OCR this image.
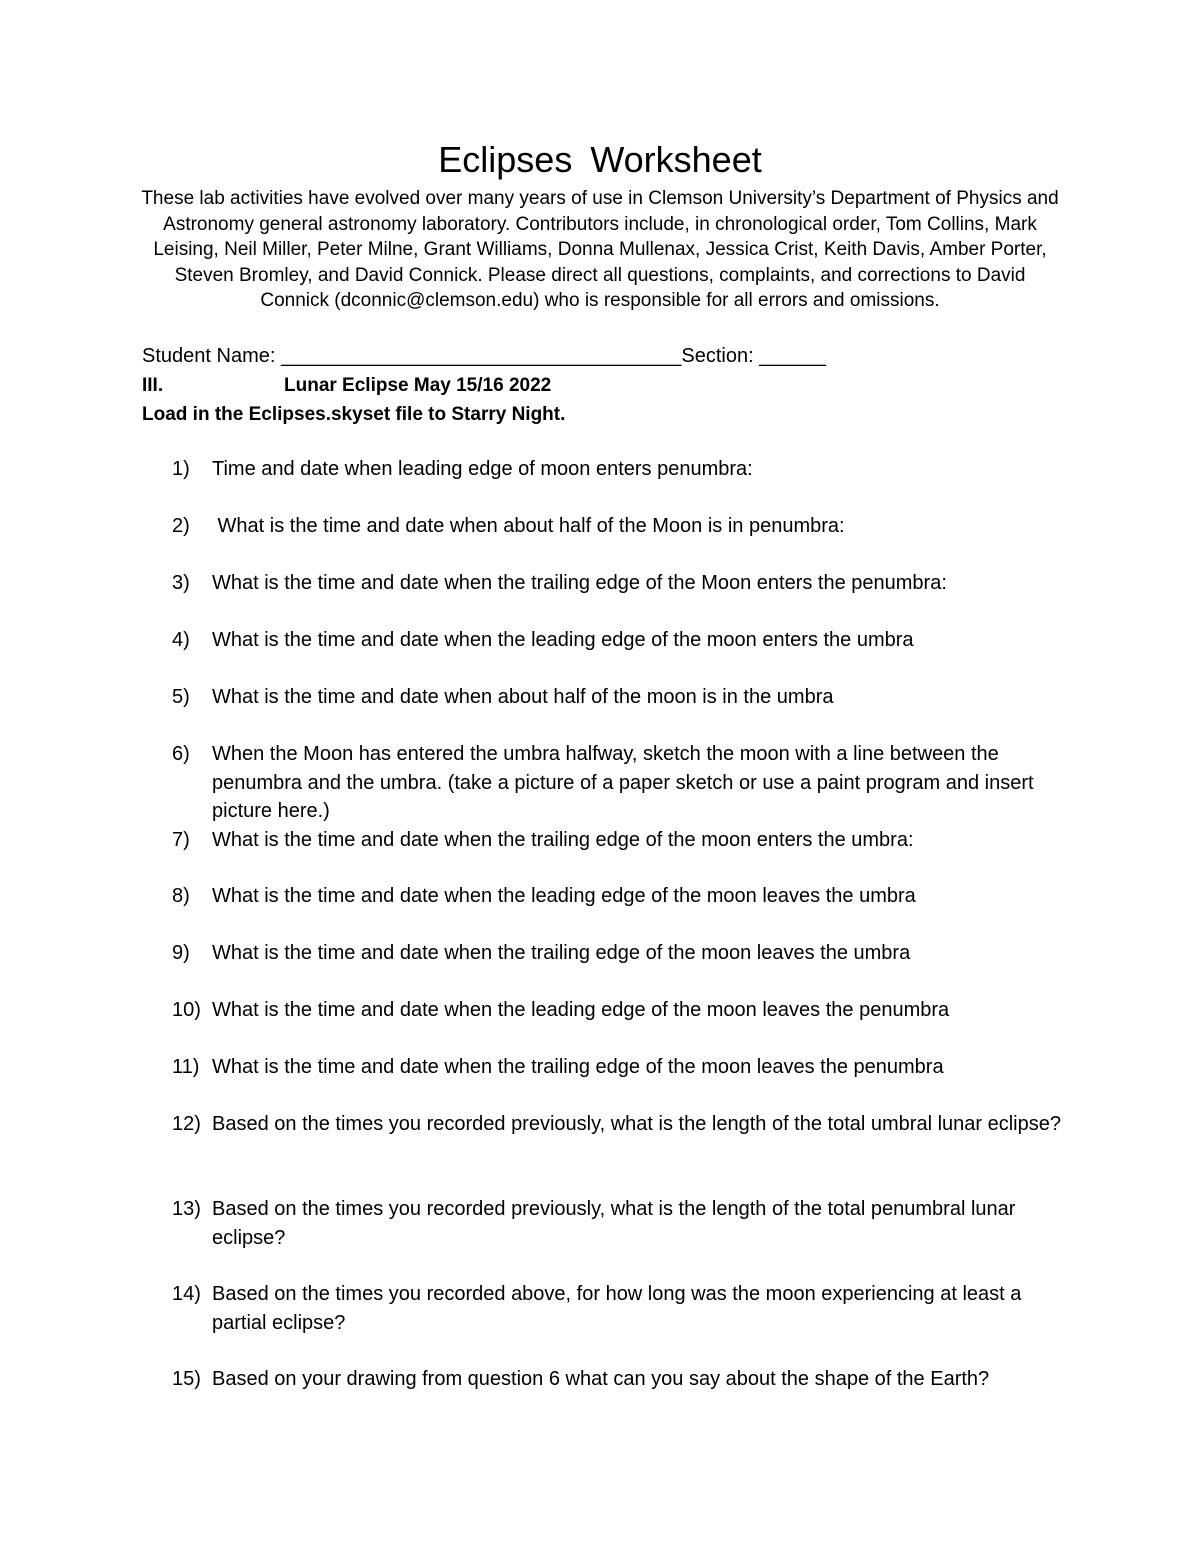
Eclipses Worksheet
These lab activities have evolved over many years of use in Clemson University’s Department of Physics and Astronomy general astronomy laboratory. Contributors include, in chronological order, Tom Collins, Mark Leising, Neil Miller, Peter Milne, Grant Williams, Donna Mullenax, Jessica Crist, Keith Davis, Amber Porter, Steven Bromley, and David Connick. Please direct all questions, complaints, and corrections to David Connick (dconnic@clemson.edu) who is responsible for all errors and omissions.
Student Name: ____________________________________Section: ______
III.	Lunar Eclipse May 15/16 2022
Load in the Eclipses.skyset file to Starry Night.
1)	Time and date when leading edge of moon enters penumbra:
2)	What is the time and date when about half of the Moon is in penumbra:
3)	What is the time and date when the trailing edge of the Moon enters the penumbra:
4)	What is the time and date when the leading edge of the moon enters the umbra
5)	What is the time and date when about half of the moon is in the umbra
6)	When the Moon has entered the umbra halfway, sketch the moon with a line between the penumbra and the umbra. (take a picture of a paper sketch or use a paint program and insert picture here.)
7)	What is the time and date when the trailing edge of the moon enters the umbra:
8)	What is the time and date when the leading edge of the moon leaves the umbra
9)	What is the time and date when the trailing edge of the moon leaves the umbra
10) What is the time and date when the leading edge of the moon leaves the penumbra
11) What is the time and date when the trailing edge of the moon leaves the penumbra
12) Based on the times you recorded previously, what is the length of the total umbral lunar eclipse?
13) Based on the times you recorded previously, what is the length of the total penumbral lunar eclipse?
14) Based on the times you recorded above, for how long was the moon experiencing at least a partial eclipse?
15) Based on your drawing from question 6 what can you say about the shape of the Earth?
